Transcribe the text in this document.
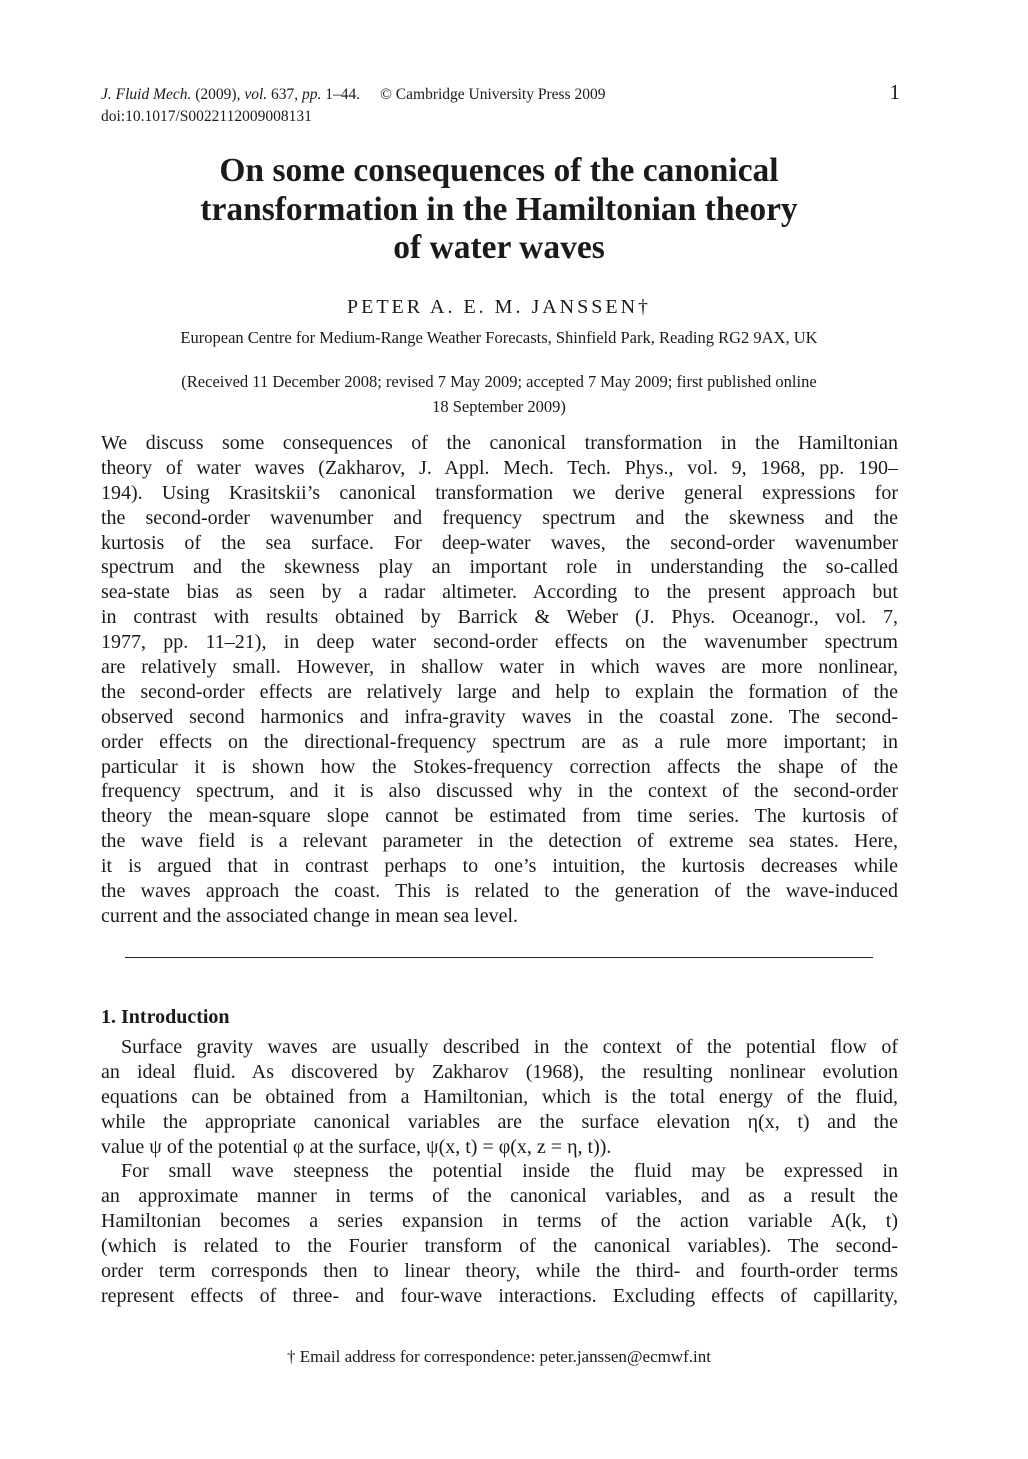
J. Fluid Mech. (2009), vol. 637, pp. 1–44. © Cambridge University Press 2009
doi:10.1017/S0022112009008131
1
On some consequences of the canonical
transformation in the Hamiltonian theory
of water waves
PETER A. E. M. JANSSEN†
European Centre for Medium-Range Weather Forecasts, Shinfield Park, Reading RG2 9AX, UK
(Received 11 December 2008; revised 7 May 2009; accepted 7 May 2009; first published online
18 September 2009)
We discuss some consequences of the canonical transformation in the Hamiltonian
theory of water waves (Zakharov, J. Appl. Mech. Tech. Phys., vol. 9, 1968, pp. 190–
194). Using Krasitskii’s canonical transformation we derive general expressions for
the second-order wavenumber and frequency spectrum and the skewness and the
kurtosis of the sea surface. For deep-water waves, the second-order wavenumber
spectrum and the skewness play an important role in understanding the so-called
sea-state bias as seen by a radar altimeter. According to the present approach but
in contrast with results obtained by Barrick & Weber (J. Phys. Oceanogr., vol. 7,
1977, pp. 11–21), in deep water second-order effects on the wavenumber spectrum
are relatively small. However, in shallow water in which waves are more nonlinear,
the second-order effects are relatively large and help to explain the formation of the
observed second harmonics and infra-gravity waves in the coastal zone. The second-
order effects on the directional-frequency spectrum are as a rule more important; in
particular it is shown how the Stokes-frequency correction affects the shape of the
frequency spectrum, and it is also discussed why in the context of the second-order
theory the mean-square slope cannot be estimated from time series. The kurtosis of
the wave field is a relevant parameter in the detection of extreme sea states. Here,
it is argued that in contrast perhaps to one’s intuition, the kurtosis decreases while
the waves approach the coast. This is related to the generation of the wave-induced
current and the associated change in mean sea level.
1. Introduction
Surface gravity waves are usually described in the context of the potential flow of
an ideal fluid. As discovered by Zakharov (1968), the resulting nonlinear evolution
equations can be obtained from a Hamiltonian, which is the total energy of the fluid,
while the appropriate canonical variables are the surface elevation η(x, t) and the
value ψ of the potential φ at the surface, ψ(x, t) = φ(x, z = η, t)).
For small wave steepness the potential inside the fluid may be expressed in
an approximate manner in terms of the canonical variables, and as a result the
Hamiltonian becomes a series expansion in terms of the action variable A(k, t)
(which is related to the Fourier transform of the canonical variables). The second-
order term corresponds then to linear theory, while the third- and fourth-order terms
represent effects of three- and four-wave interactions. Excluding effects of capillarity,
† Email address for correspondence: peter.janssen@ecmwf.int
